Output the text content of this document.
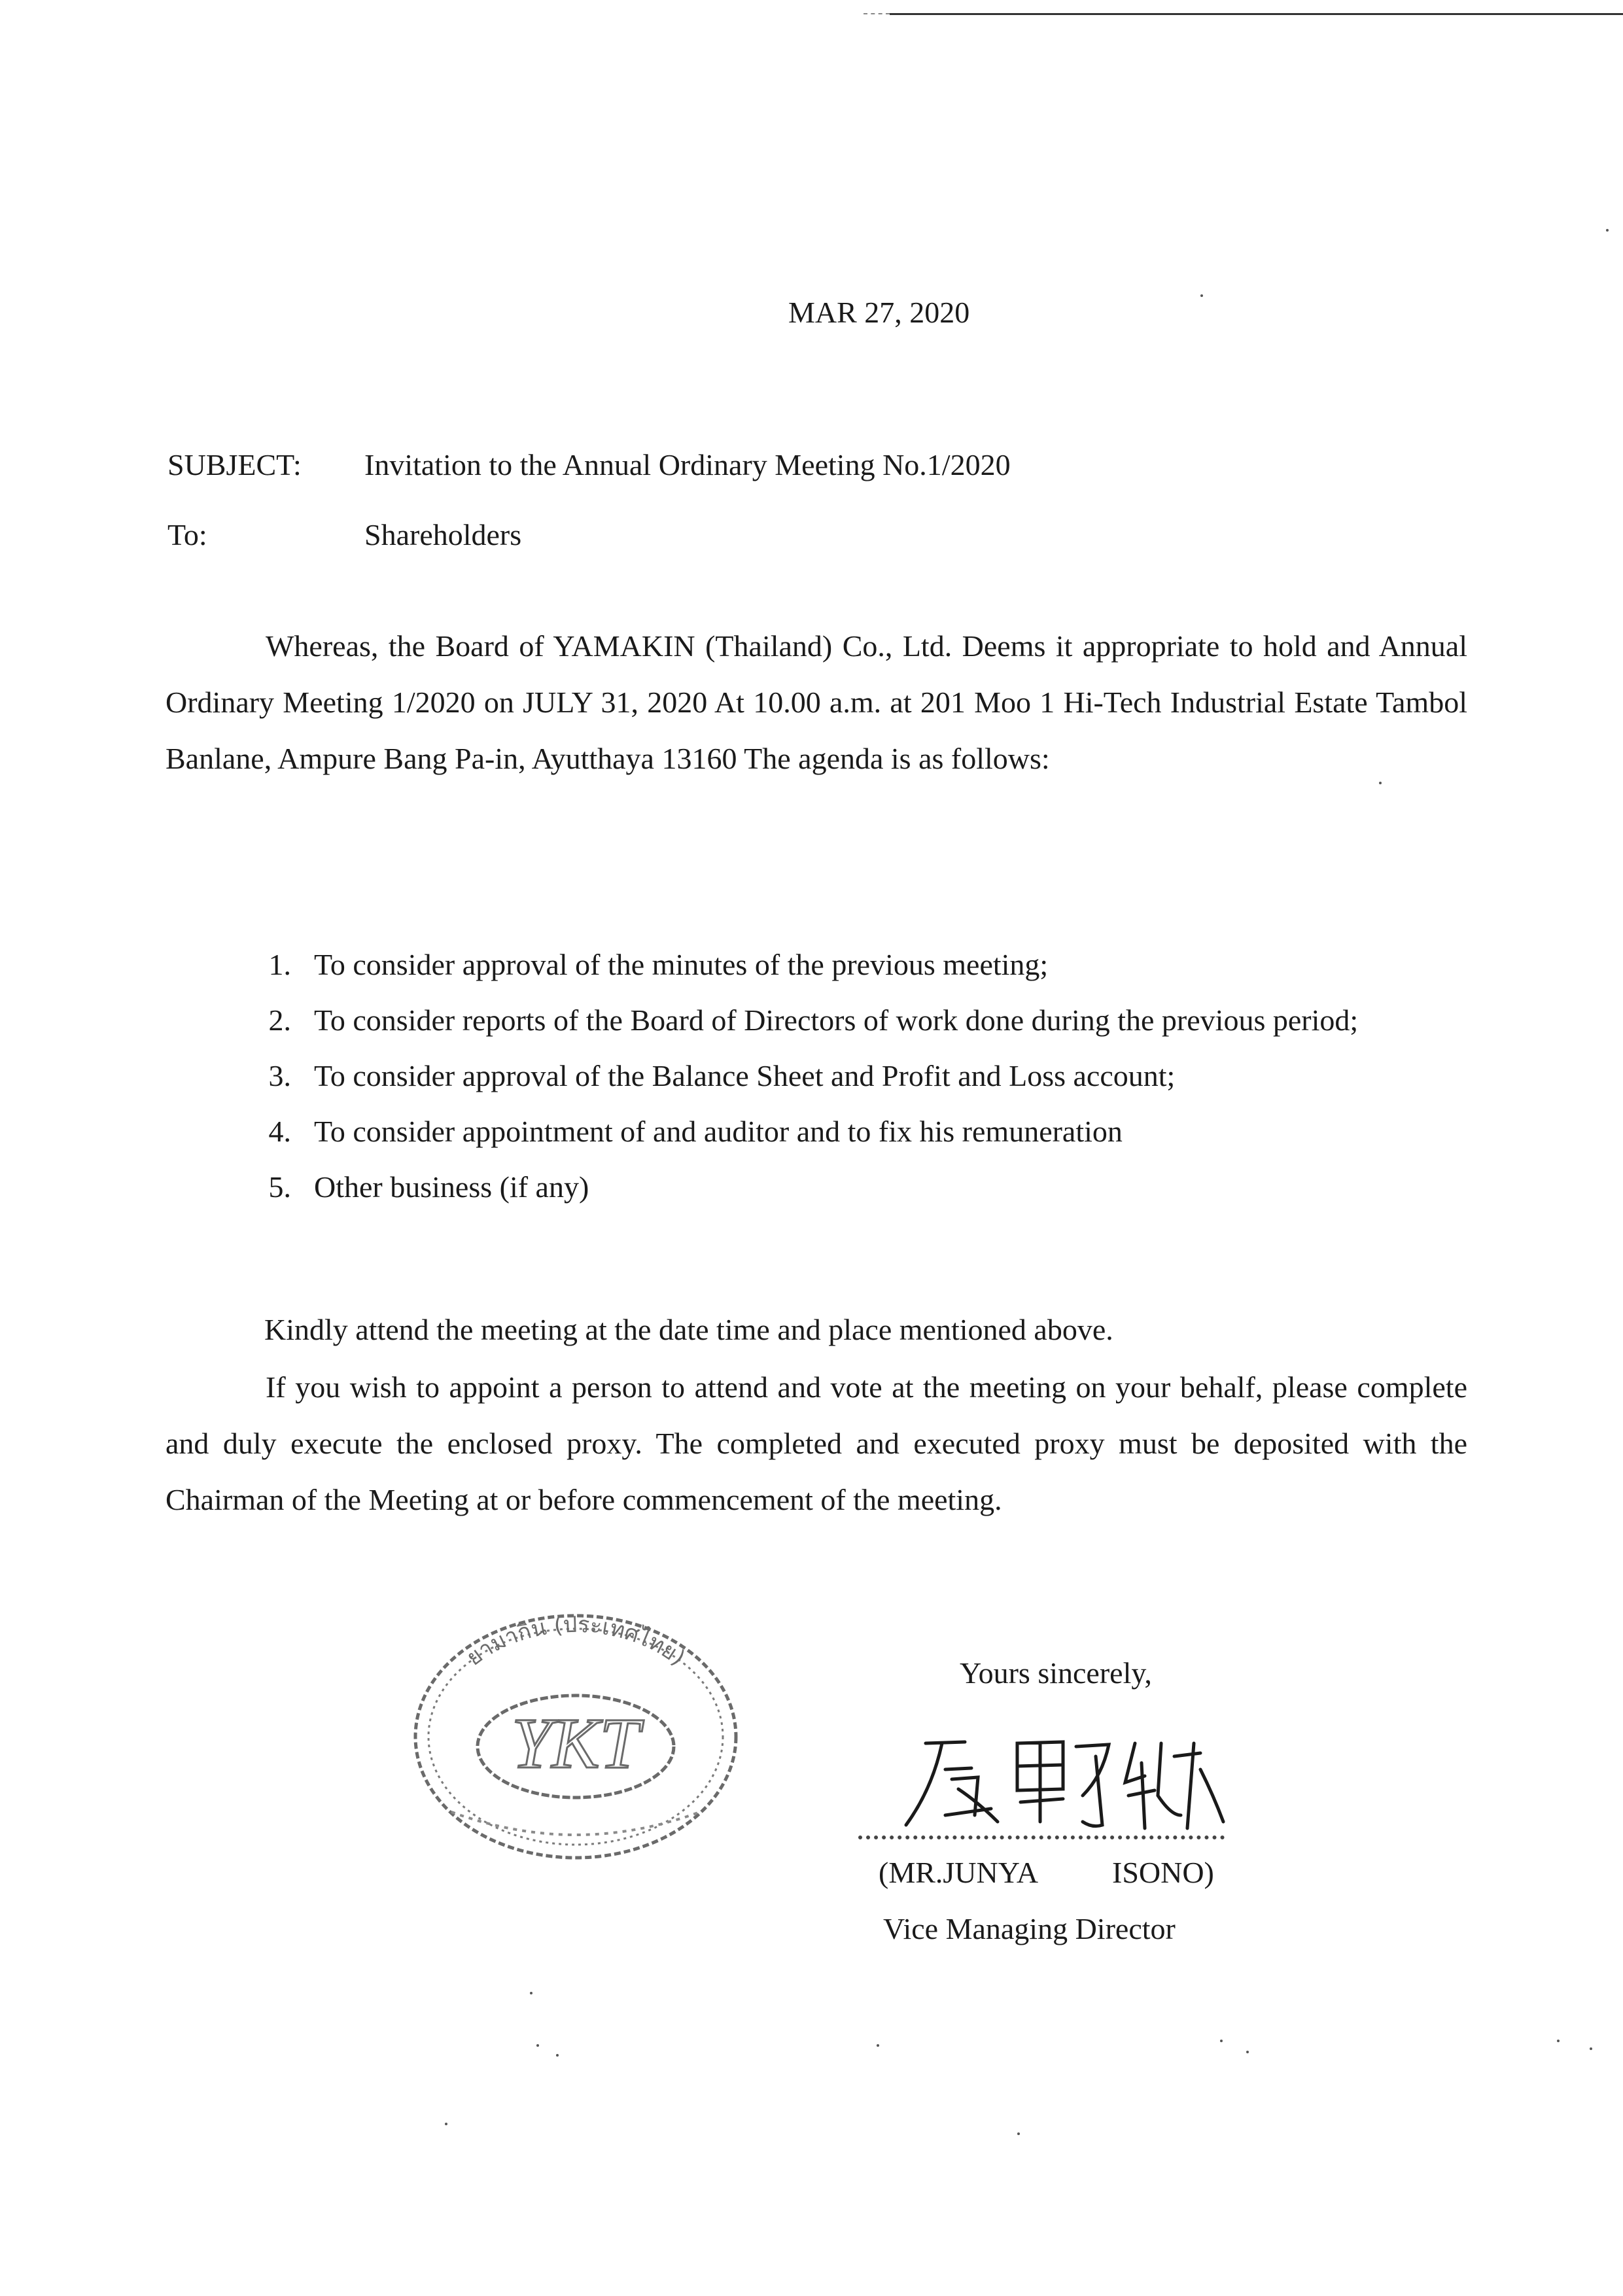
MAR 27, 2020
SUBJECT: Invitation to the Annual Ordinary Meeting No.1/2020
To:	Shareholders
Whereas, the Board of YAMAKIN (Thailand) Co., Ltd. Deems it appropriate to hold and Annual Ordinary Meeting 1/2020 on JULY 31, 2020 At 10.00 a.m. at 201 Moo 1 Hi-Tech Industrial Estate Tambol Banlane, Ampure Bang Pa-in, Ayutthaya 13160 The agenda is as follows:
1. To consider approval of the minutes of the previous meeting;
2. To consider reports of the Board of Directors of work done during the previous period;
3. To consider approval of the Balance Sheet and Profit and Loss account;
4. To consider appointment of and auditor and to fix his remuneration
5. Other business (if any)
Kindly attend the meeting at the date time and place mentioned above.
If you wish to appoint a person to attend and vote at the meeting on your behalf, please complete and duly execute the enclosed proxy. The completed and executed proxy must be deposited with the Chairman of the Meeting at or before commencement of the meeting.
ยามากิน (ประเทศไทย)
YKT
Yours sincerely,
(MR.JUNYA ISONO)
Vice Managing Director
